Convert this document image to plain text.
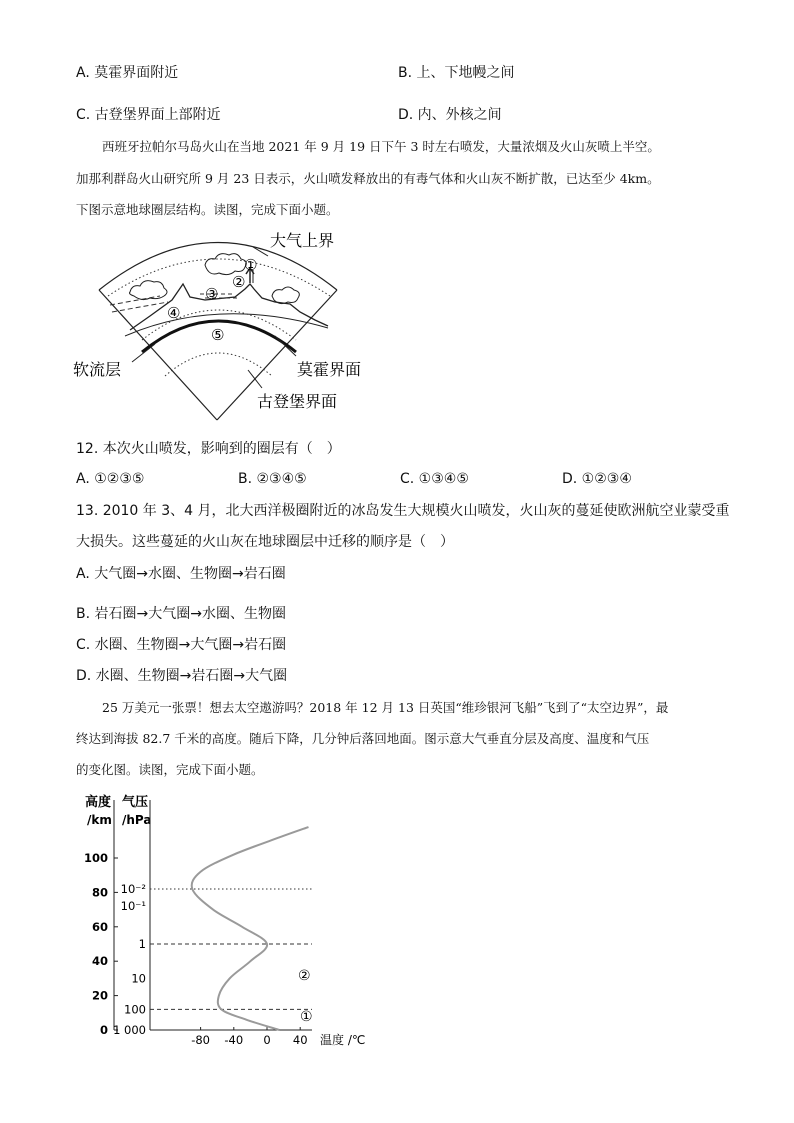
A. 莫霍界面附近	B. 上、下地幔之间
C. 古登堡界面上部附近	D. 内、外核之间
西班牙拉帕尔马岛火山在当地 2021 年 9 月 19 日下午 3 时左右喷发，大量浓烟及火山灰喷上半空。
加那利群岛火山研究所 9 月 23 日表示，火山喷发释放出的有毒气体和火山灰不断扩散，已达至少 4km。
下图示意地球圈层结构。读图，完成下面小题。
大气上界
软流层	莫霍界面
古登堡界面
①
②
③
④
⑤
12. 本次火山喷发，影响到的圈层有（　）
A. ①②③⑤	B. ②③④⑤	C. ①③④⑤	D. ①②③④
13. 2010 年 3、4 月，北大西洋极圈附近的冰岛发生大规模火山喷发，火山灰的蔓延使欧洲航空业蒙受重
大损失。这些蔓延的火山灰在地球圈层中迁移的顺序是（　）
A. 大气圈→水圈、生物圈→岩石圈
B. 岩石圈→大气圈→水圈、生物圈
C. 水圈、生物圈→大气圈→岩石圈
D. 水圈、生物圈→岩石圈→大气圈
25 万美元一张票！想去太空遨游吗？2018 年 12 月 13 日英国“维珍银河飞船”飞到了“太空边界”，最
终达到海拔 82.7 千米的高度。随后下降，几分钟后落回地面。图示意大气垂直分层及高度、温度和气压
的变化图。读图，完成下面小题。
高度
/km
气压
/hPa
100
80
60
40
20
0
10⁻²
10⁻¹
1
10
100
1 000
-80 -40 0 40 温度 /℃
①
②
